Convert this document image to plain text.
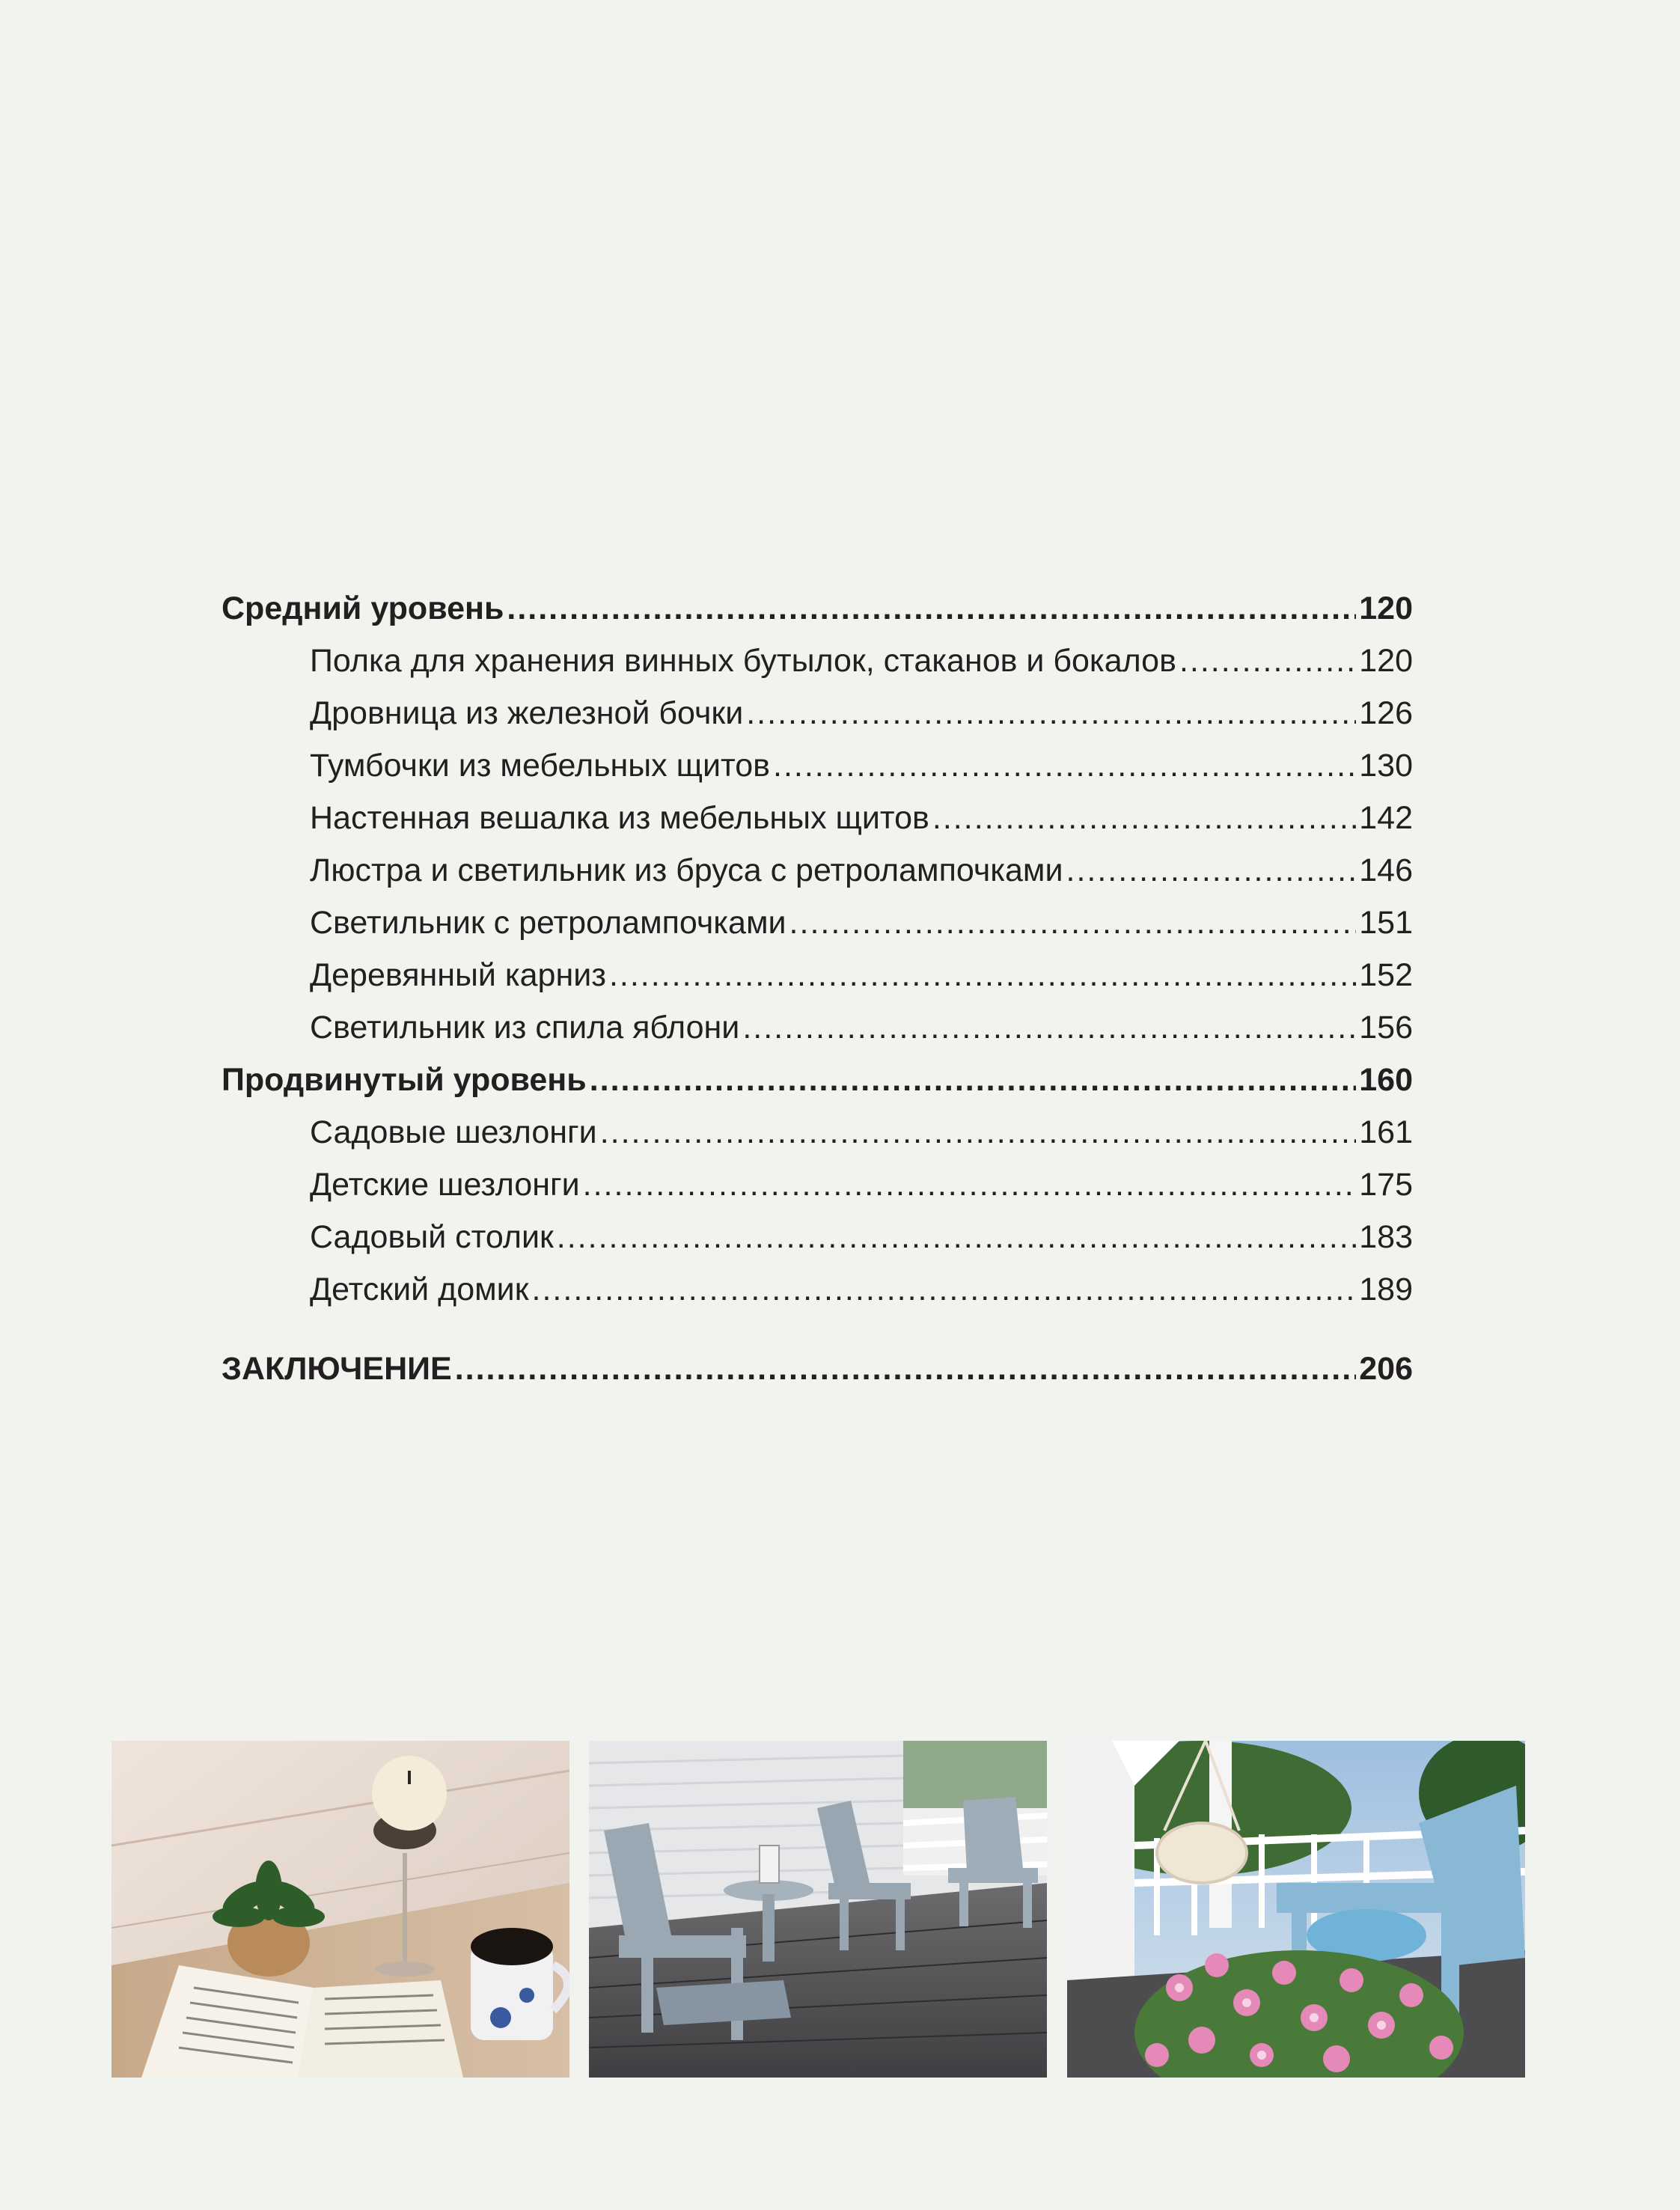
Средний уровень .....	120
Полка для хранения винных бутылок, стаканов и бокалов .....	120
Дровница из железной бочки .....	126
Тумбочки из мебельных щитов .....	130
Настенная вешалка из мебельных щитов .....	142
Люстра и светильник из бруса с ретролампочками .....	146
Светильник с ретролампочками .....	151
Деревянный карниз .....	152
Светильник из спила яблони .....	156
Продвинутый уровень .....	160
Садовые шезлонги .....	161
Детские шезлонги .....	175
Садовый столик .....	183
Детский домик .....	189
ЗАКЛЮЧЕНИЕ .....	206
